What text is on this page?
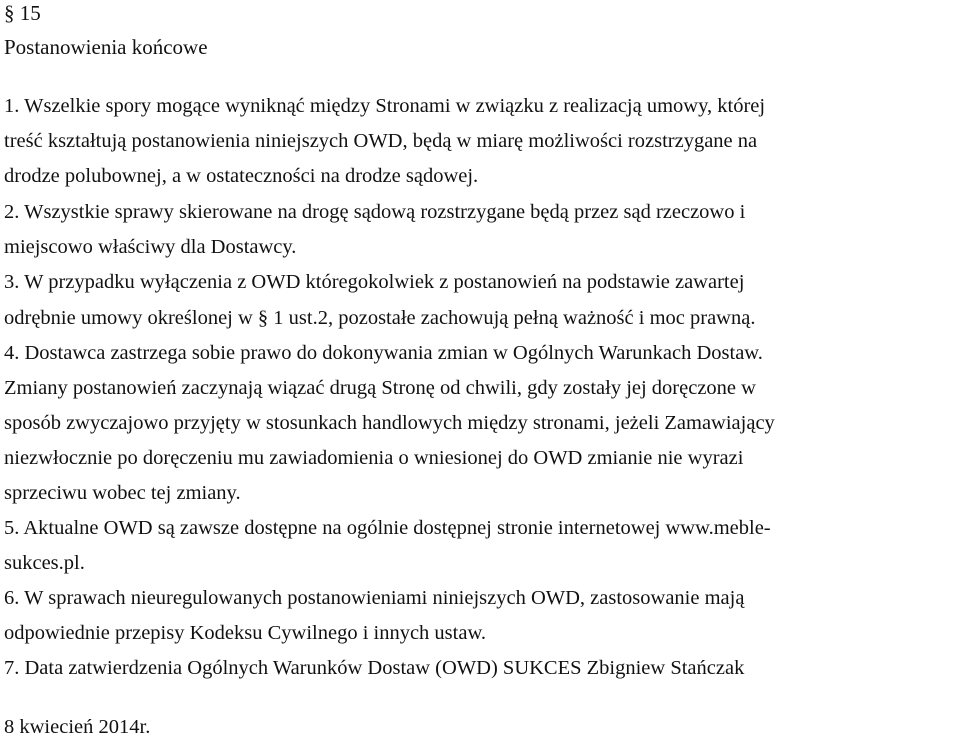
§ 15
Postanowienia końcowe
1. Wszelkie spory mogące wyniknąć między Stronami w związku z realizacją umowy, której
treść kształtują postanowienia niniejszych OWD, będą w miarę możliwości rozstrzygane na
drodze polubownej, a w ostateczności na drodze sądowej.
2. Wszystkie sprawy skierowane na drogę sądową rozstrzygane będą przez sąd rzeczowo i
miejscowo właściwy dla Dostawcy.
3. W przypadku wyłączenia z OWD któregokolwiek z postanowień na podstawie zawartej
odrębnie umowy określonej w § 1 ust.2, pozostałe zachowują pełną ważność i moc prawną.
4. Dostawca zastrzega sobie prawo do dokonywania zmian w Ogólnych Warunkach Dostaw.
Zmiany postanowień zaczynają wiązać drugą Stronę od chwili, gdy zostały jej doręczone w
sposób zwyczajowo przyjęty w stosunkach handlowych między stronami, jeżeli Zamawiający
niezwłocznie po doręczeniu mu zawiadomienia o wniesionej do OWD zmianie nie wyrazi
sprzeciwu wobec tej zmiany.
5. Aktualne OWD są zawsze dostępne na ogólnie dostępnej stronie internetowej www.meble-
sukces.pl.
6. W sprawach nieuregulowanych postanowieniami niniejszych OWD, zastosowanie mają
odpowiednie przepisy Kodeksu Cywilnego i innych ustaw.
7. Data zatwierdzenia Ogólnych Warunków Dostaw (OWD) SUKCES Zbigniew Stańczak
8 kwiecień 2014r.
